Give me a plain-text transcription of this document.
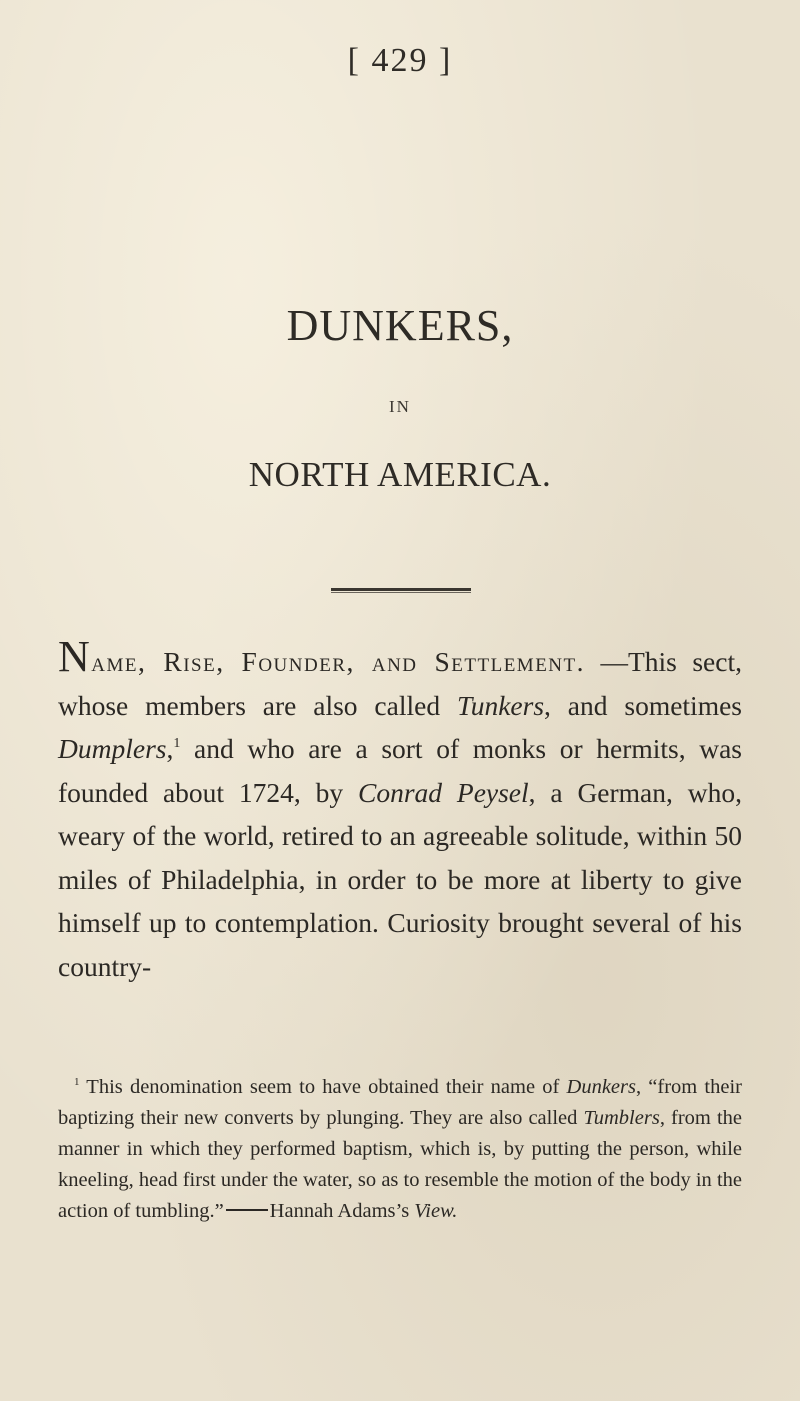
[ 429 ]
DUNKERS,
IN
NORTH AMERICA.
Name, Rise, Founder, and Settlement. —This sect, whose members are also called Tunkers, and sometimes Dumplers,$^1$ and who are a sort of monks or hermits, was founded about 1724, by Conrad Peysel, a German, who, weary of the world, retired to an agreeable solitude, within 50 miles of Philadelphia, in order to be more at liberty to give himself up to contemplation. Curiosity brought several of his country-
$^1$ This denomination seem to have obtained their name of Dunkers, “from their baptizing their new converts by plunging. They are also called Tumblers, from the manner in which they performed baptism, which is, by putting the person, while kneeling, head first under the water, so as to resemble the motion of the body in the action of tumbling.” Hannah Adams’s View.
